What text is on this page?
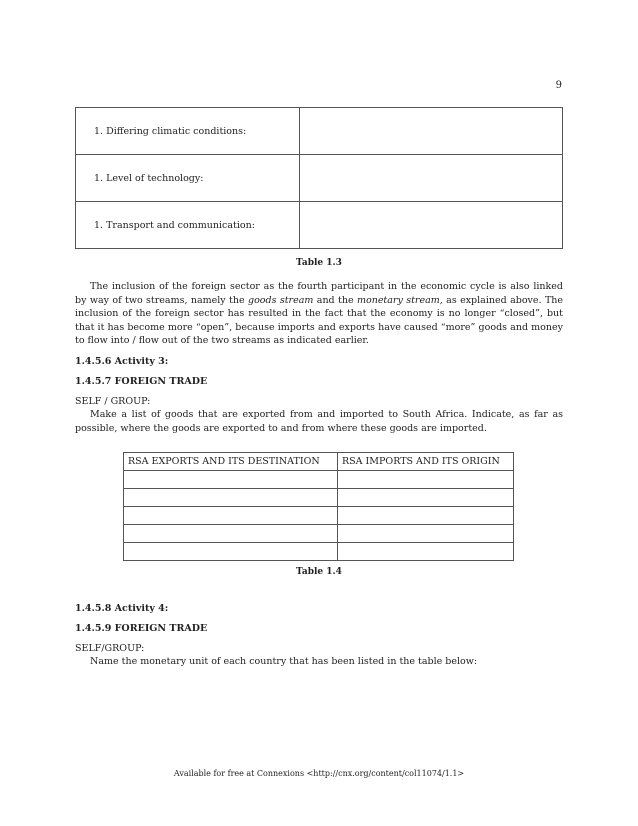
9
1. Differing climatic conditions:	
1. Level of technology:	
1. Transport and communication:	
Table 1.3

The inclusion of the foreign sector as the fourth participant in the economic cycle is also linked by way of two streams, namely the goods stream and the monetary stream, as explained above. The inclusion of the foreign sector has resulted in the fact that the economy is no longer “closed”, but that it has become more “open”, because imports and exports have caused “more” goods and money to flow into / flow out of the two streams as indicated earlier.

1.4.5.6 Activity 3:
1.4.5.7 FOREIGN TRADE
SELF / GROUP:

Make a list of goods that are exported from and imported to South Africa. Indicate, as far as possible, where the goods are exported to and from where these goods are imported.

RSA EXPORTS AND ITS DESTINATION	RSA IMPORTS AND ITS ORIGIN

Table 1.4
1.4.5.8 Activity 4:
1.4.5.9 FOREIGN TRADE
SELF/GROUP:

Name the monetary unit of each country that has been listed in the table below:

Available for free at Connexions <http://cnx.org/content/col11074/1.1>
